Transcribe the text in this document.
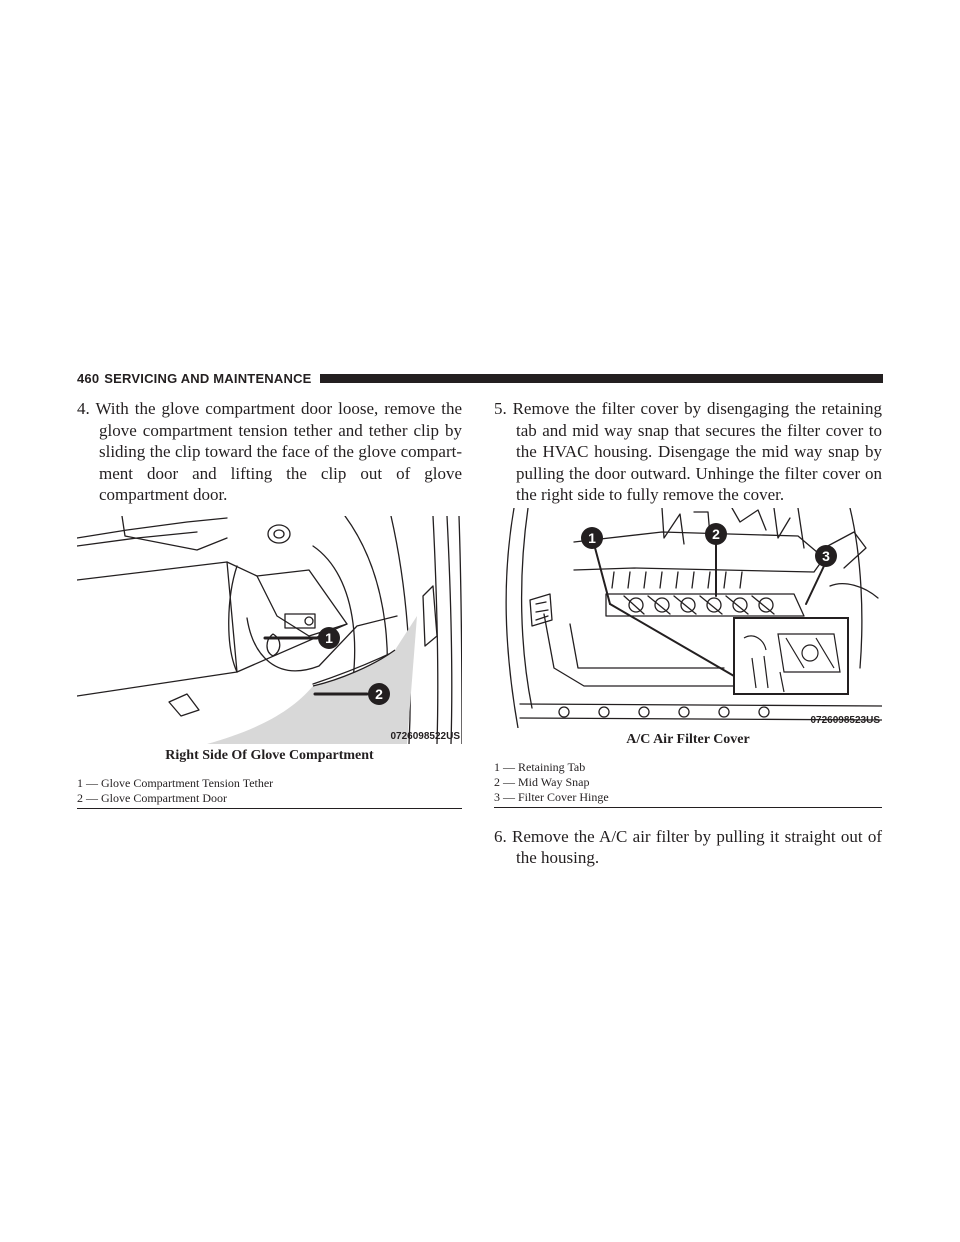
460 SERVICING AND MAINTENANCE

4. With the glove compartment door loose, remove the glove compartment tension tether and tether clip by sliding the clip toward the face of the glove compart-ment door and lifting the clip out of glove compartment door.

1
2
0726098522US
Right Side Of Glove Compartment
1 — Glove Compartment Tension Tether
2 — Glove Compartment Door

5. Remove the filter cover by disengaging the retaining tab and mid way snap that secures the filter cover to the HVAC housing. Disengage the mid way snap by pulling the door outward. Unhinge the filter cover on the right side to fully remove the cover.

1	2
3
0726098523US
A/C Air Filter Cover
1 — Retaining Tab
2 — Mid Way Snap
3 — Filter Cover Hinge

6. Remove the A/C air filter by pulling it straight out of the housing.
